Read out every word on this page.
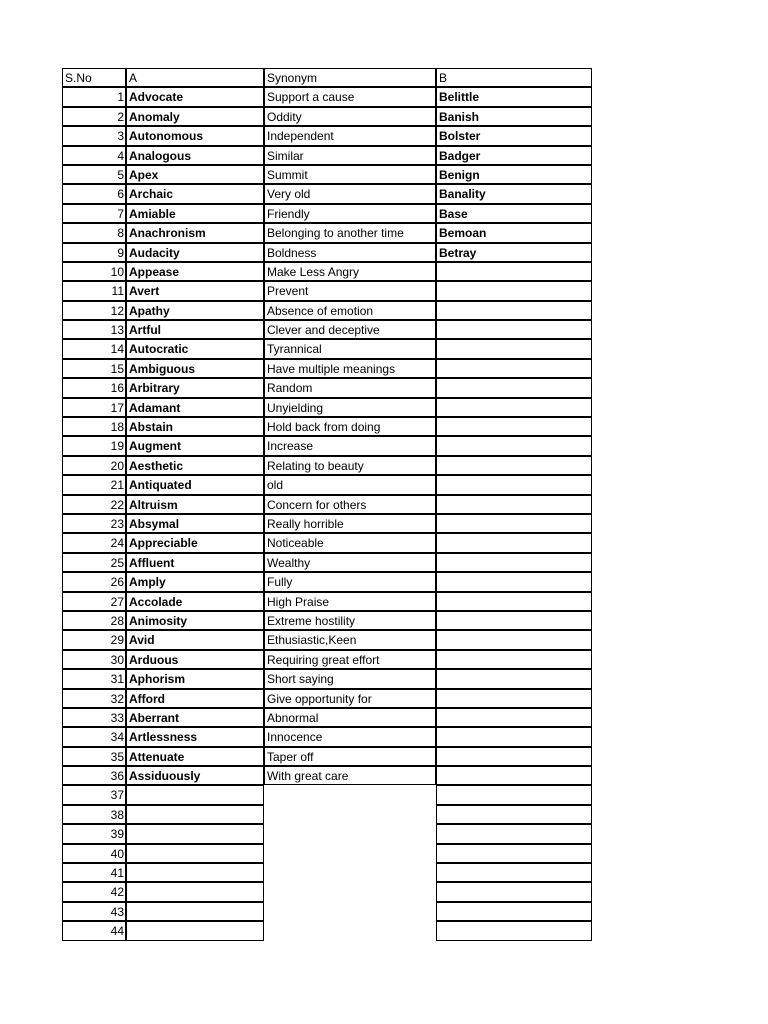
S.No	A	Synonym	B
1 Advocate	Support a cause	Belittle
2 Anomaly	Oddity	Banish
3 Autonomous	Independent	Bolster
4 Analogous	Similar	Badger
5 Apex	Summit	Benign
6 Archaic	Very old	Banality
7 Amiable	Friendly	Base
8 Anachronism	Belonging to another time	Bemoan
9 Audacity	Boldness	Betray
10 Appease	Make Less Angry
11 Avert	Prevent
12 Apathy	Absence of emotion
13 Artful	Clever and deceptive
14 Autocratic	Tyrannical
15 Ambiguous	Have multiple meanings
16 Arbitrary	Random
17 Adamant	Unyielding
18 Abstain	Hold back from doing
19 Augment	Increase
20 Aesthetic	Relating to beauty
21 Antiquated	old
22 Altruism	Concern for others
23 Absymal	Really horrible
24 Appreciable	Noticeable
25 Affluent	Wealthy
26 Amply	Fully
27 Accolade	High Praise
28 Animosity	Extreme hostility
29 Avid	Ethusiastic,Keen
30 Arduous	Requiring great effort
31 Aphorism	Short saying
32 Afford	Give opportunity for
33 Aberrant	Abnormal
34 Artlessness	Innocence
35 Attenuate	Taper off
36 Assiduously	With great care
37
38
39
40
41
42
43
44
